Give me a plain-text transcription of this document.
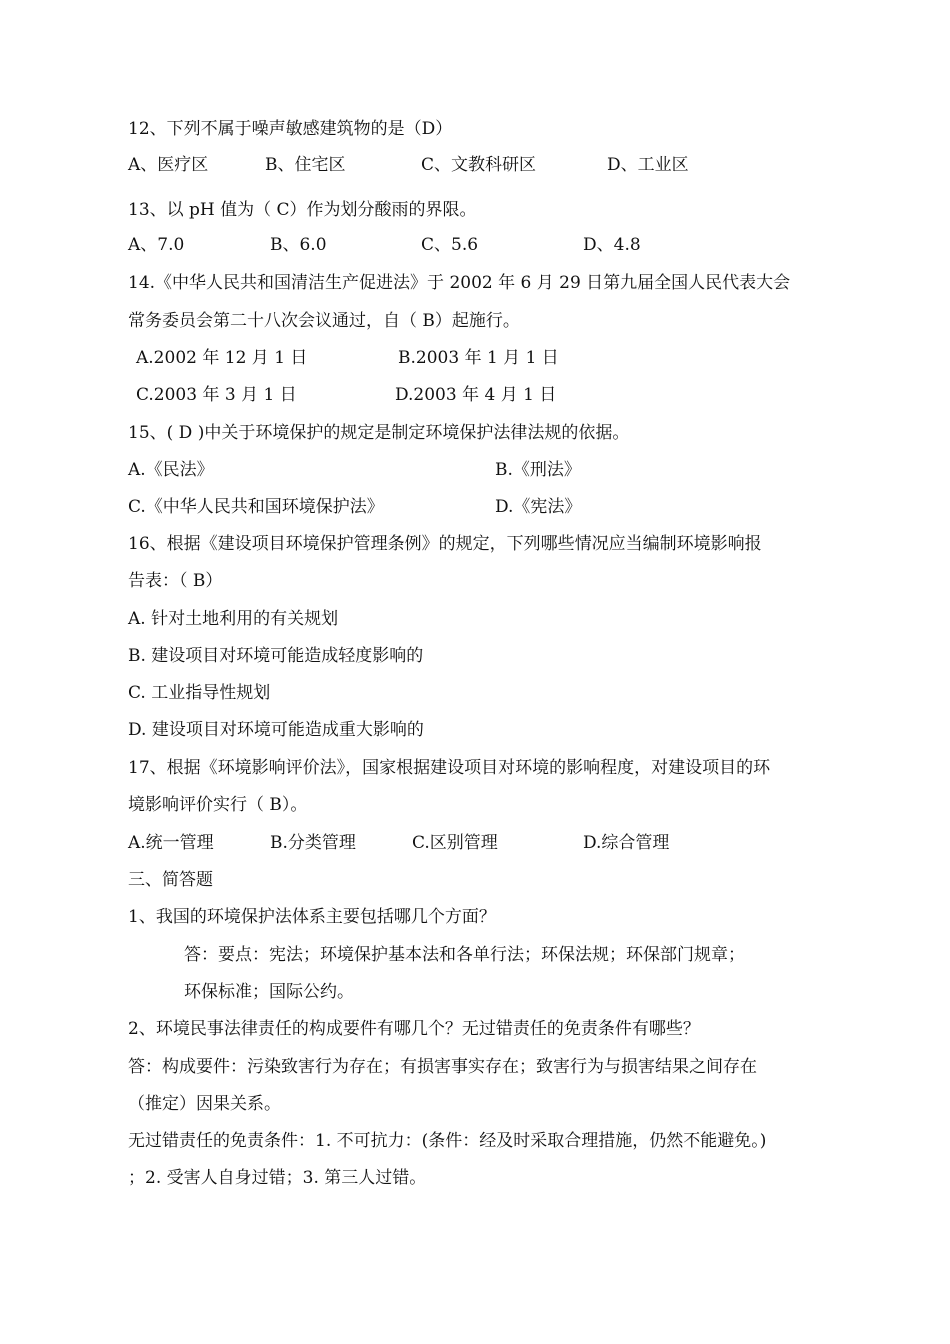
12、下列不属于噪声敏感建筑物的是（D）
A、医疗区	B、住宅区	C、文教科研区	D、工业区
13、以 pH 值为（ C）作为划分酸雨的界限。
A、7.0	B、6.0	C、5.6	D、4.8
14.《中华人民共和国清洁生产促进法》于 2002 年 6 月 29 日第九届全国人民代表大会
常务委员会第二十八次会议通过，自（ B）起施行。
A.2002 年 12 月 1 日	B.2003 年 1 月 1 日
C.2003 年 3 月 1 日	D.2003 年 4 月 1 日
15、( D )中关于环境保护的规定是制定环境保护法律法规的依据。
A.《民法》	B.《刑法》
C.《中华人民共和国环境保护法》	D.《宪法》
16、根据《建设项目环境保护管理条例》的规定，下列哪些情况应当编制环境影响报
告表：（ B）
A. 针对土地利用的有关规划
B. 建设项目对环境可能造成轻度影响的
C. 工业指导性规划
D. 建设项目对环境可能造成重大影响的
17、根据《环境影响评价法》，国家根据建设项目对环境的影响程度，对建设项目的环
境影响评价实行（ B）。
A.统一管理	B.分类管理	C.区别管理	D.综合管理
三、简答题
1、我国的环境保护法体系主要包括哪几个方面？
答：要点：宪法；环境保护基本法和各单行法；环保法规；环保部门规章；
环保标准；国际公约。
2、环境民事法律责任的构成要件有哪几个？无过错责任的免责条件有哪些？
答：构成要件：污染致害行为存在；有损害事实存在；致害行为与损害结果之间存在
（推定）因果关系。
无过错责任的免责条件：1. 不可抗力：(条件：经及时采取合理措施，仍然不能避免。)
；2. 受害人自身过错；3. 第三人过错。
